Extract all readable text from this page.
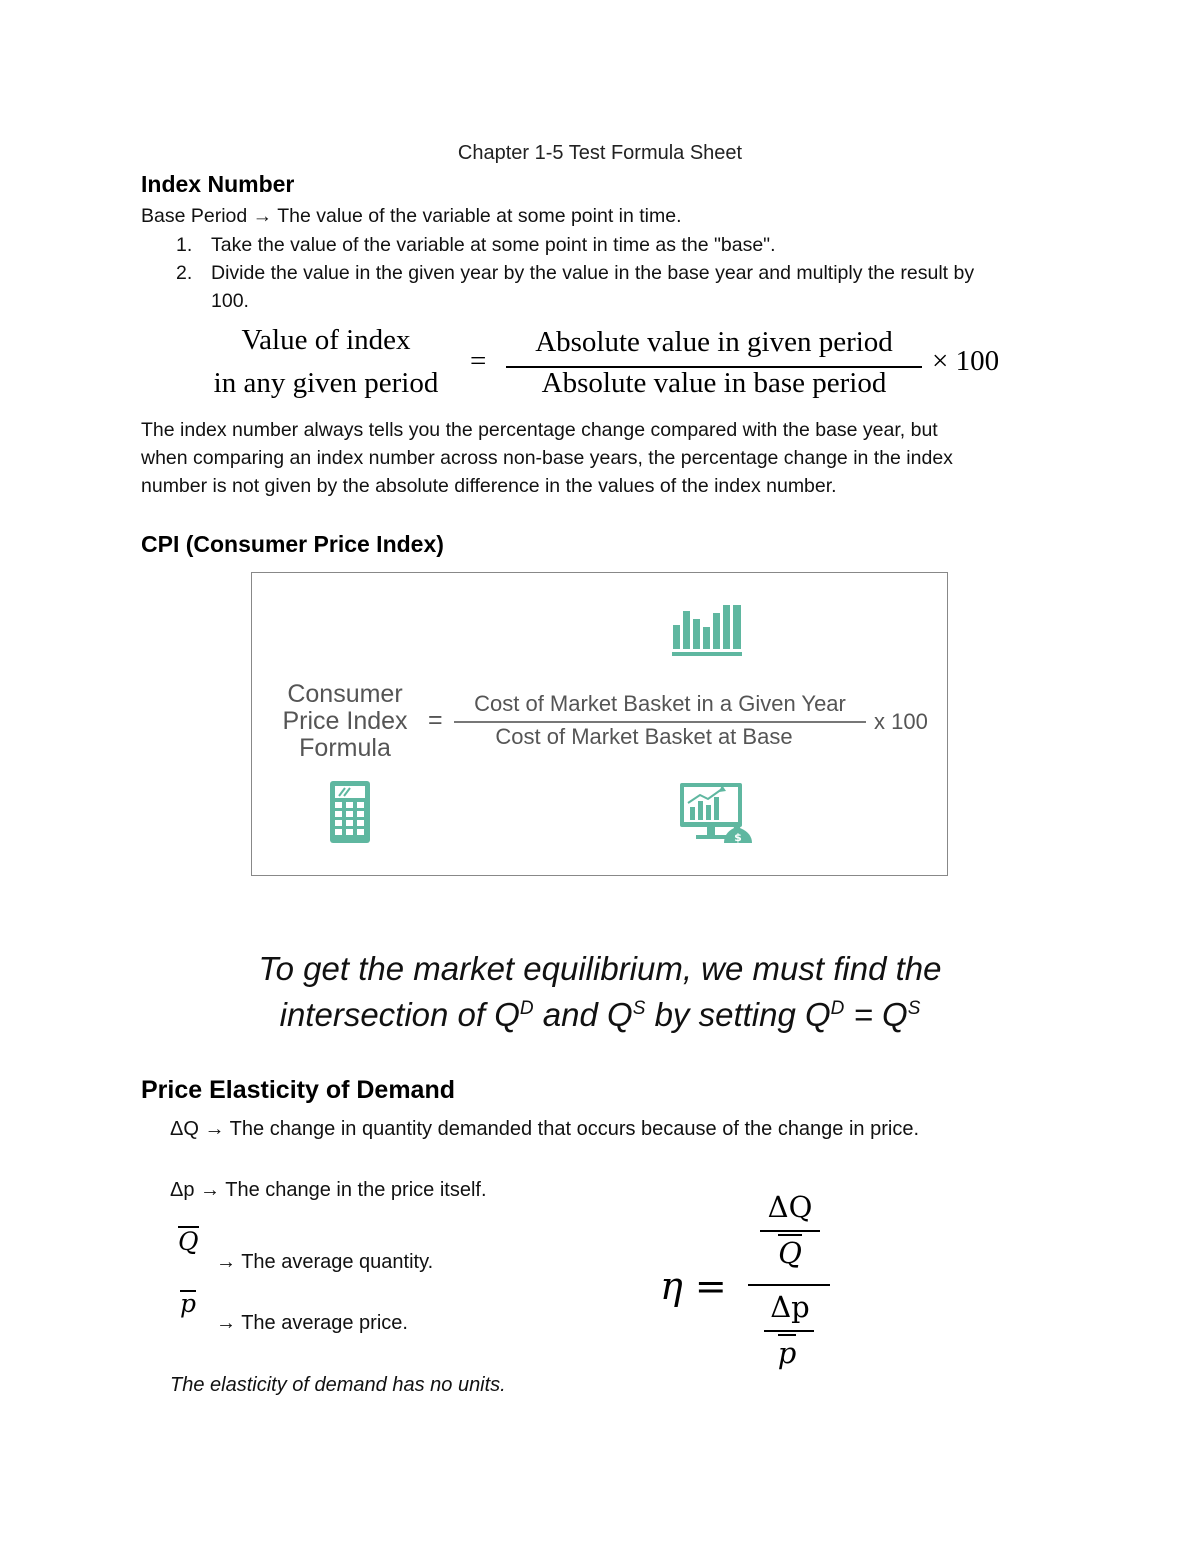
Chapter 1-5 Test Formula Sheet
Index Number
Base Period → The value of the variable at some point in time.
1. Take the value of the variable at some point in time as the "base".
2. Divide the value in the given year by the value in the base year and multiply the result by
100.
Value of index
in any given period
=
Absolute value in given period
Absolute value in base period
× 100
The index number always tells you the percentage change compared with the base year, but
when comparing an index number across non-base years, the percentage change in the index
number is not given by the absolute difference in the values of the index number.
CPI (Consumer Price Index)
Consumer
Price Index
Formula
=
Cost of Market Basket in a Given Year
Cost of Market Basket at Base
x 100
$
To get the market equilibrium, we must find the
intersection of $Q^D$ and $Q^S$ by setting $Q^D = Q^S$
Price Elasticity of Demand
ΔQ → The change in quantity demanded that occurs because of the change in price.
Δp → The change in the price itself.
Q
→ The average quantity.
p
→ The average price.
The elasticity of demand has no units.
η =
ΔQ
Q
Δp
p
